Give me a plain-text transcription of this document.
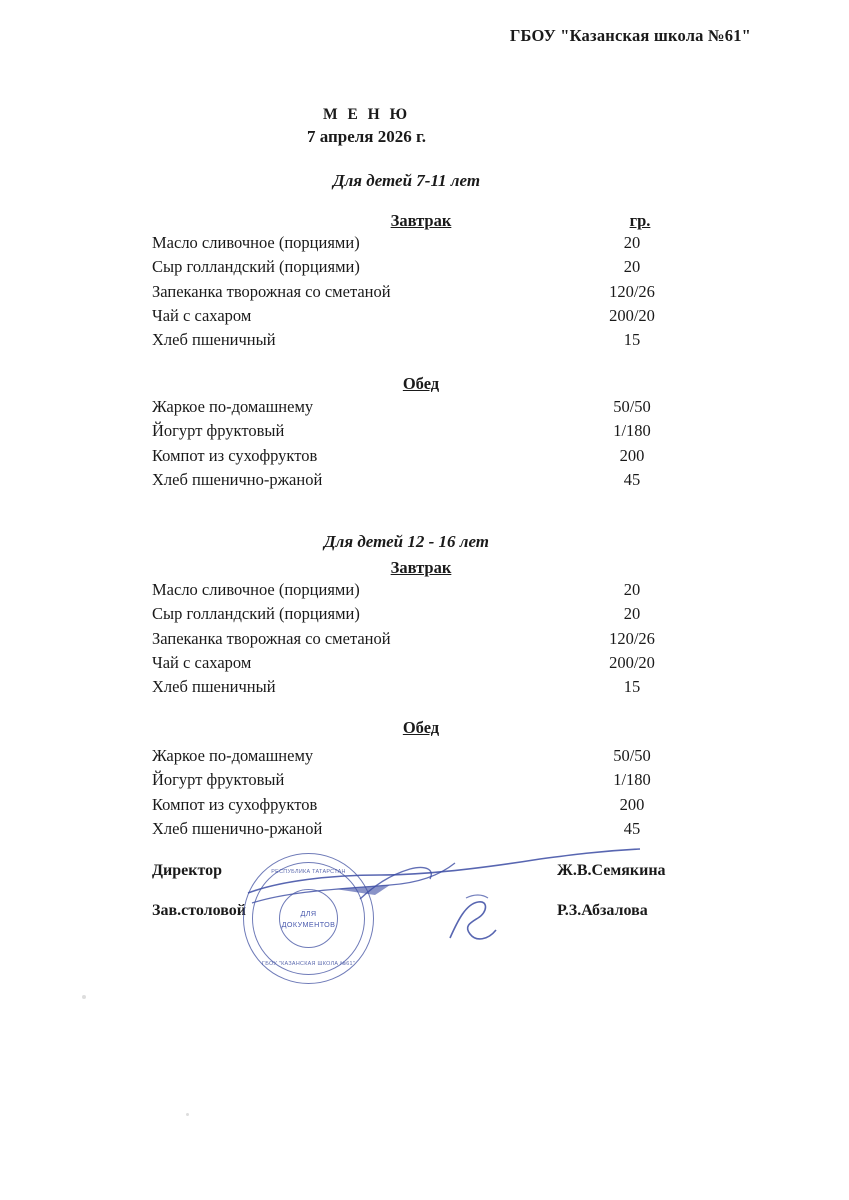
ГБОУ "Казанская школа №61"
М Е Н Ю
7 апреля 2026 г.
Для детей 7-11 лет
Завтрак	гр.
Масло сливочное (порциями)	20
Сыр голландский (порциями)	20
Запеканка творожная со сметаной	120/26
Чай с сахаром	200/20
Хлеб пшеничный	15
Обед
Жаркое по-домашнему	50/50
Йогурт фруктовый	1/180
Компот из сухофруктов	200
Хлеб пшенично-ржаной	45
Для детей 12 - 16 лет
Завтрак
Масло сливочное (порциями)	20
Сыр голландский (порциями)	20
Запеканка творожная со сметаной	120/26
Чай с сахаром	200/20
Хлеб пшеничный	15
Обед
Жаркое по-домашнему	50/50
Йогурт фруктовый	1/180
Компот из сухофруктов	200
Хлеб пшенично-ржаной	45
Директор	Ж.В.Семякина
Зав.столовой	Р.З.Абзалова
РЕСПУБЛИКА ТАТАРСТАН
ДЛЯ
ДОКУМЕНТОВ
ГБОУ "КАЗАНСКАЯ ШКОЛА №61"
